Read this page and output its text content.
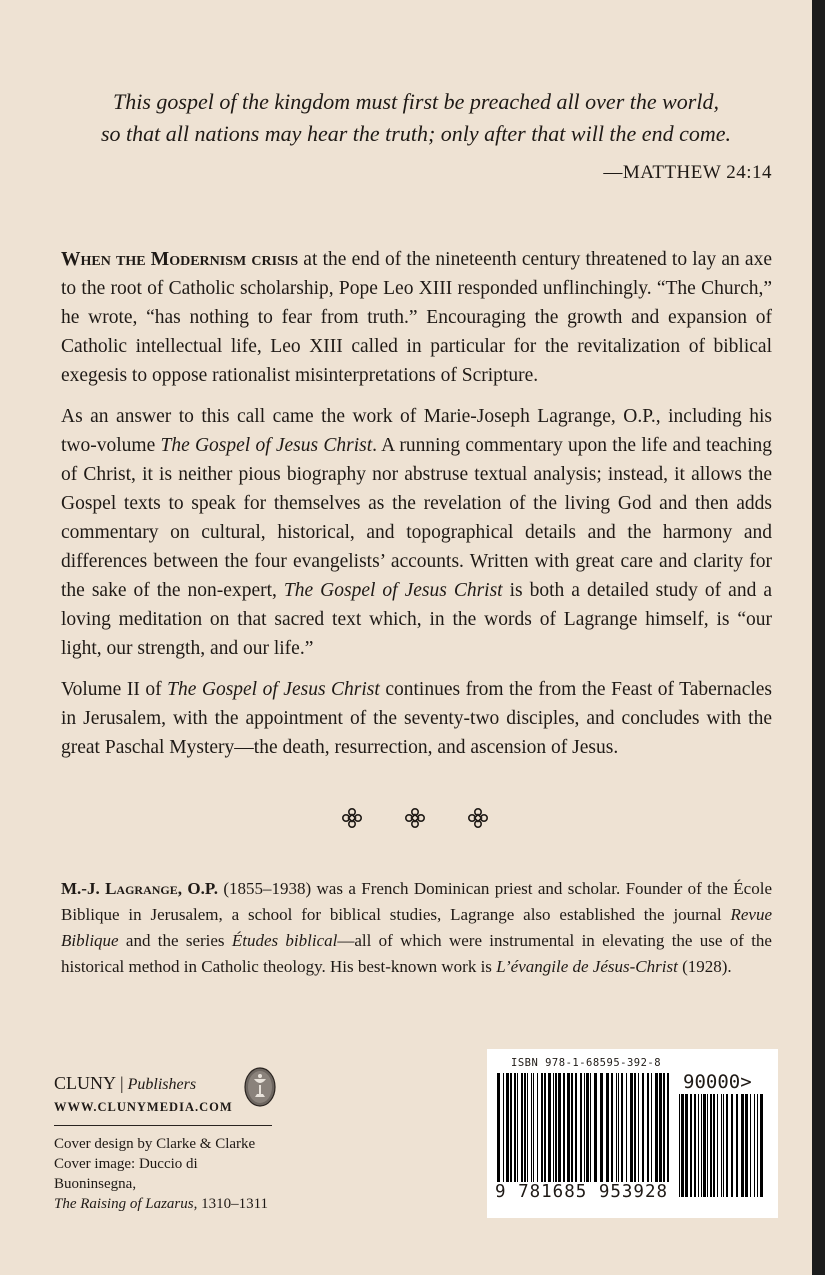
This gospel of the kingdom must first be preached all over the world,
so that all nations may hear the truth; only after that will the end come.
—MATTHEW 24:14

When the Modernism crisis at the end of the nineteenth century threatened to lay an axe to the root of Catholic scholarship, Pope Leo XIII responded unflinchingly. “The Church,” he wrote, “has nothing to fear from truth.” Encouraging the growth and expansion of Catholic intellectual life, Leo XIII called in particular for the revitalization of biblical exegesis to oppose rationalist misinterpretations of Scripture.

As an answer to this call came the work of Marie-Joseph Lagrange, O.P., including his two-volume The Gospel of Jesus Christ. A running commentary upon the life and teaching of Christ, it is neither pious biography nor abstruse textual analysis; instead, it allows the Gospel texts to speak for themselves as the revelation of the living God and then adds commentary on cultural, historical, and topographical details and the harmony and differences between the four evangelists’ accounts. Written with great care and clarity for the sake of the non-expert, The Gospel of Jesus Christ is both a detailed study of and a loving meditation on that sacred text which, in the words of Lagrange himself, is “our light, our strength, and our life.”

Volume II of The Gospel of Jesus Christ continues from the from the Feast of Tabernacles in Jerusalem, with the appointment of the seventy-two disciples, and concludes with the great Paschal Mystery—the death, resurrection, and ascension of Jesus.

M.-J. Lagrange, O.P. (1855–1938) was a French Dominican priest and scholar. Founder of the École Biblique in Jerusalem, a school for biblical studies, Lagrange also established the journal Revue Biblique and the series Études biblical—all of which were instrumental in elevating the use of the historical method in Catholic theology. His best-known work is L’évangile de Jésus-Christ (1928).
CLUNY | Publishers
WWW.CLUNYMEDIA.COM
Cover design by Clarke & Clarke
Cover image: Duccio di Buoninsegna,
The Raising of Lazarus, 1310–1311
ISBN 978-1-68595-392-8
90000>
9 781685 953928
